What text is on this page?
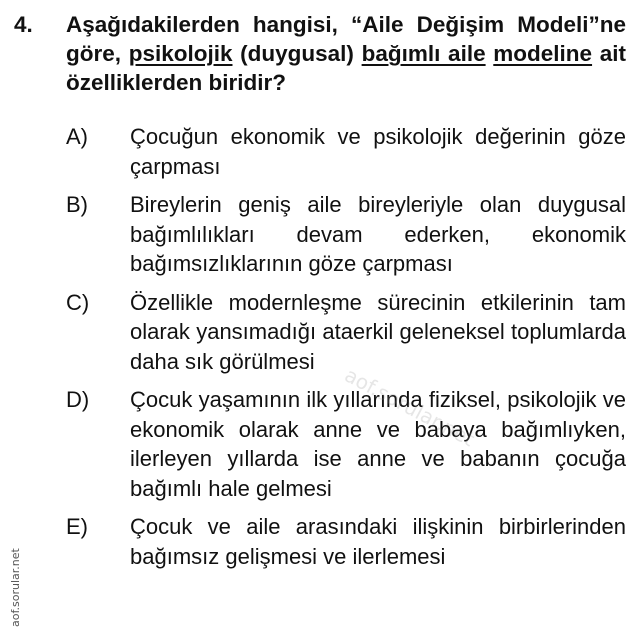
4.	Aşağıdakilerden hangisi, “Aile Değişim Modeli”ne göre, psikolojik (duygusal) bağımlı aile modeline ait özelliklerden biridir?
A)	Çocuğun ekonomik ve psikolojik değerinin göze çarpması
B)	Bireylerin geniş aile bireyleriyle olan duygusal bağımlılıkları devam ederken, ekonomik bağımsızlıklarının göze çarpması
C)	Özellikle modernleşme sürecinin etkilerinin tam olarak yansımadığı ataerkil geleneksel toplumlarda daha sık görülmesi
D)	Çocuk yaşamının ilk yıllarında fiziksel, psikolojik ve ekonomik olarak anne ve babaya bağımlıyken, ilerleyen yıllarda ise anne ve babanın çocuğa bağımlı hale gelmesi
E)	Çocuk ve aile arasındaki ilişkinin birbirlerinden bağımsız gelişmesi ve ilerlemesi
aof.sorular.net
aof.sorular.net
